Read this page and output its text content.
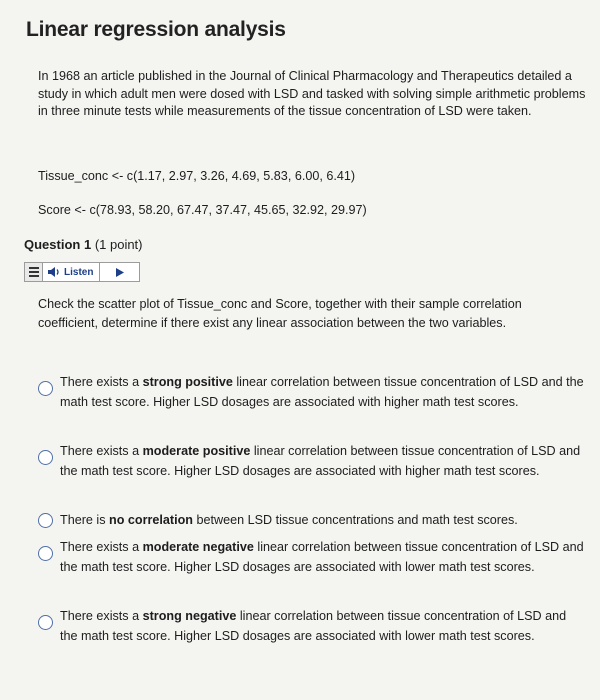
Linear regression analysis
In 1968 an article published in the Journal of Clinical Pharmacology and Therapeutics detailed a study in which adult men were dosed with LSD and tasked with solving simple arithmetic problems in three minute tests while measurements of the tissue concentration of LSD were taken.
Tissue_conc <- c(1.17, 2.97, 3.26, 4.69, 5.83, 6.00, 6.41)
Score <- c(78.93, 58.20, 67.47, 37.47, 45.65, 32.92, 29.97)
Question 1 (1 point)
Listen
Check the scatter plot of Tissue_conc and Score, together with their sample correlation coefficient, determine if there exist any linear association between the two variables.
There exists a strong positive linear correlation between tissue concentration of LSD and the math test score. Higher LSD dosages are associated with higher math test scores.
There exists a moderate positive linear correlation between tissue concentration of LSD and the math test score. Higher LSD dosages are associated with higher math test scores.
There is no correlation between LSD tissue concentrations and math test scores.
There exists a moderate negative linear correlation between tissue concentration of LSD and the math test score. Higher LSD dosages are associated with lower math test scores.
There exists a strong negative linear correlation between tissue concentration of LSD and the math test score. Higher LSD dosages are associated with lower math test scores.
